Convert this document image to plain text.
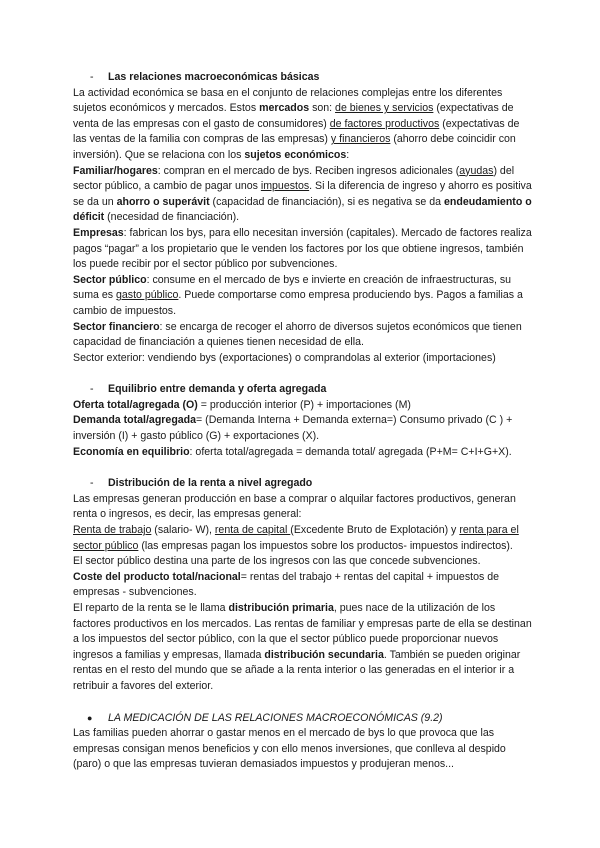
- Las relaciones macroeconómicas básicas

La actividad económica se basa en el conjunto de relaciones complejas entre los diferentes sujetos económicos y mercados. Estos mercados son: de bienes y servicios (expectativas de venta de las empresas con el gasto de consumidores) de factores productivos (expectativas de las ventas de la familia con compras de las empresas) y financieros (ahorro debe coincidir con inversión). Que se relaciona con los sujetos económicos:

Familiar/hogares: compran en el mercado de bys. Reciben ingresos adicionales (ayudas) del sector público, a cambio de pagar unos impuestos. Si la diferencia de ingreso y ahorro es positiva se da un ahorro o superávit (capacidad de financiación), si es negativa se da endeudamiento o déficit (necesidad de financiación).

Empresas: fabrican los bys, para ello necesitan inversión (capitales). Mercado de factores realiza pagos “pagar” a los propietario que le venden los factores por los que obtiene ingresos, también los puede recibir por el sector público por subvenciones.

Sector público: consume en el mercado de bys e invierte en creación de infraestructuras, su suma es gasto público. Puede comportarse como empresa produciendo bys. Pagos a familias a cambio de impuestos.

Sector financiero: se encarga de recoger el ahorro de diversos sujetos económicos que tienen capacidad de financiación a quienes tienen necesidad de ella.

Sector exterior: vendiendo bys (exportaciones) o comprandolas al exterior (importaciones)

- Equilibrio entre demanda y oferta agregada

Oferta total/agregada (O) = producción interior (P) + importaciones (M)

Demanda total/agregada= (Demanda Interna + Demanda externa=) Consumo privado (C ) + inversión (I) + gasto público (G) + exportaciones (X).

Economía en equilibrio: oferta total/agregada = demanda total/ agregada (P+M= C+I+G+X).

- Distribución de la renta a nivel agregado

Las empresas generan producción en base a comprar o alquilar factores productivos, generan renta o ingresos, es decir, las empresas general:

Renta de trabajo (salario- W), renta de capital (Excedente Bruto de Explotación) y renta para el sector público (las empresas pagan los impuestos sobre los productos- impuestos indirectos).

El sector público destina una parte de los ingresos con las que concede subvenciones.

Coste del producto total/nacional= rentas del trabajo + rentas del capital + impuestos de empresas - subvenciones.

El reparto de la renta se le llama distribución primaria, pues nace de la utilización de los factores productivos en los mercados. Las rentas de familiar y empresas parte de ella se destinan a los impuestos del sector público, con la que el sector público puede proporcionar nuevos ingresos a familias y empresas, llamada distribución secundaria. También se pueden originar rentas en el resto del mundo que se añade a la renta interior o las generadas en el interior ir a retribuir a favores del exterior.

● LA MEDICACIÓN DE LAS RELACIONES MACROECONÓMICAS (9.2)

Las familias pueden ahorrar o gastar menos en el mercado de bys lo que provoca que las empresas consigan menos beneficios y con ello menos inversiones, que conlleva al despido (paro) o que las empresas tuvieran demasiados impuestos y produjeran menos...
